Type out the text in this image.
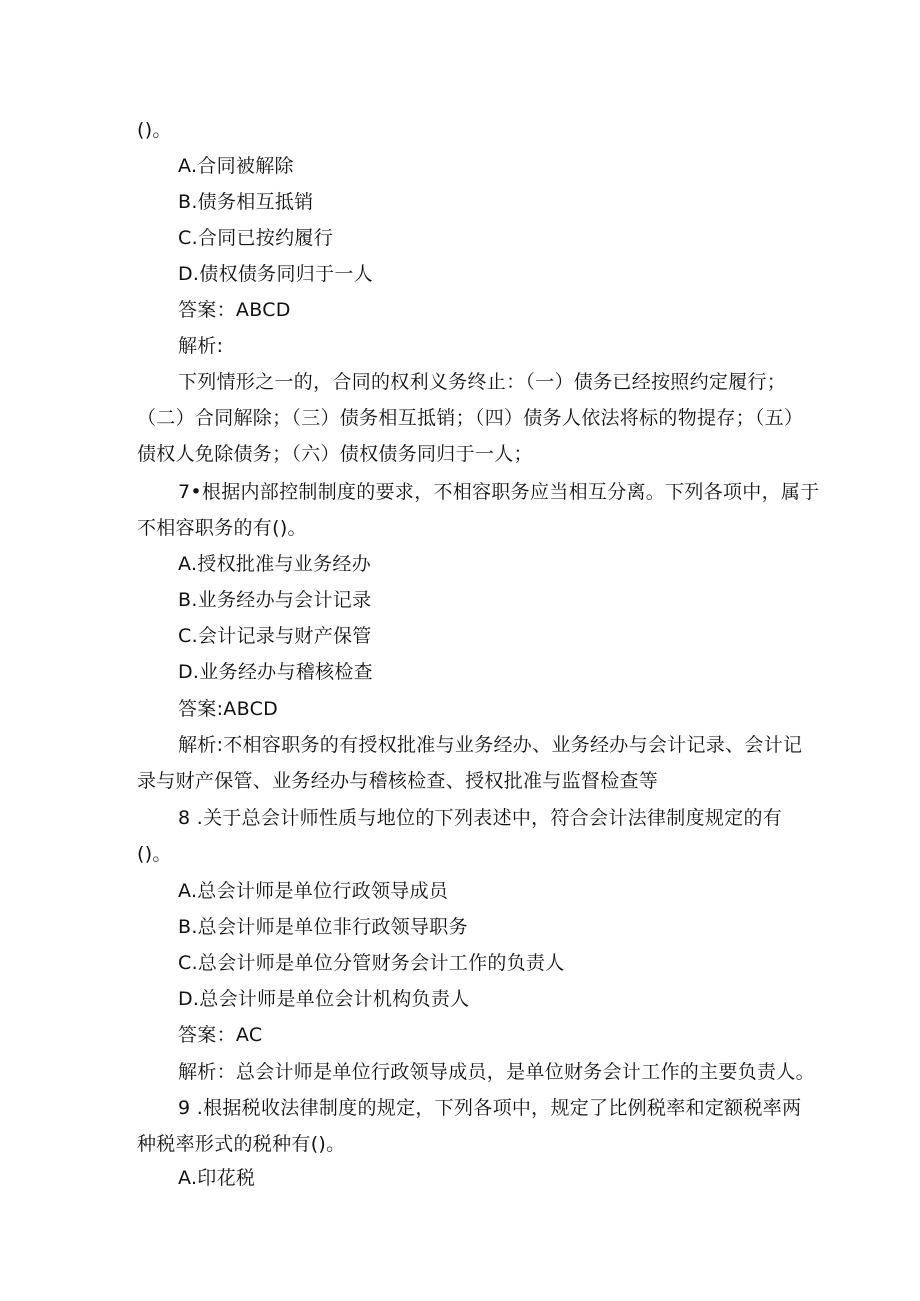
()。
A.合同被解除
B.债务相互抵销
C.合同已按约履行
D.债权债务同归于一人
答案：ABCD
解析:
下列情形之一的，合同的权利义务终止：（一）债务已经按照约定履行；
（二）合同解除；（三）债务相互抵销；（四）债务人依法将标的物提存；（五）
债权人免除债务；（六）债权债务同归于一人；
7•根据内部控制制度的要求，不相容职务应当相互分离。下列各项中，属于
不相容职务的有()。
A.授权批准与业务经办
B.业务经办与会计记录
C.会计记录与财产保管
D.业务经办与稽核检查
答案:ABCD
解析:不相容职务的有授权批准与业务经办、业务经办与会计记录、会计记
录与财产保管、业务经办与稽核检查、授权批准与监督检查等
8 .关于总会计师性质与地位的下列表述中，符合会计法律制度规定的有
()。
A.总会计师是单位行政领导成员
B.总会计师是单位非行政领导职务
C.总会计师是单位分管财务会计工作的负责人
D.总会计师是单位会计机构负责人
答案：AC
解析：总会计师是单位行政领导成员，是单位财务会计工作的主要负责人。
9 .根据税收法律制度的规定，下列各项中，规定了比例税率和定额税率两
种税率形式的税种有()。
A.印花税
